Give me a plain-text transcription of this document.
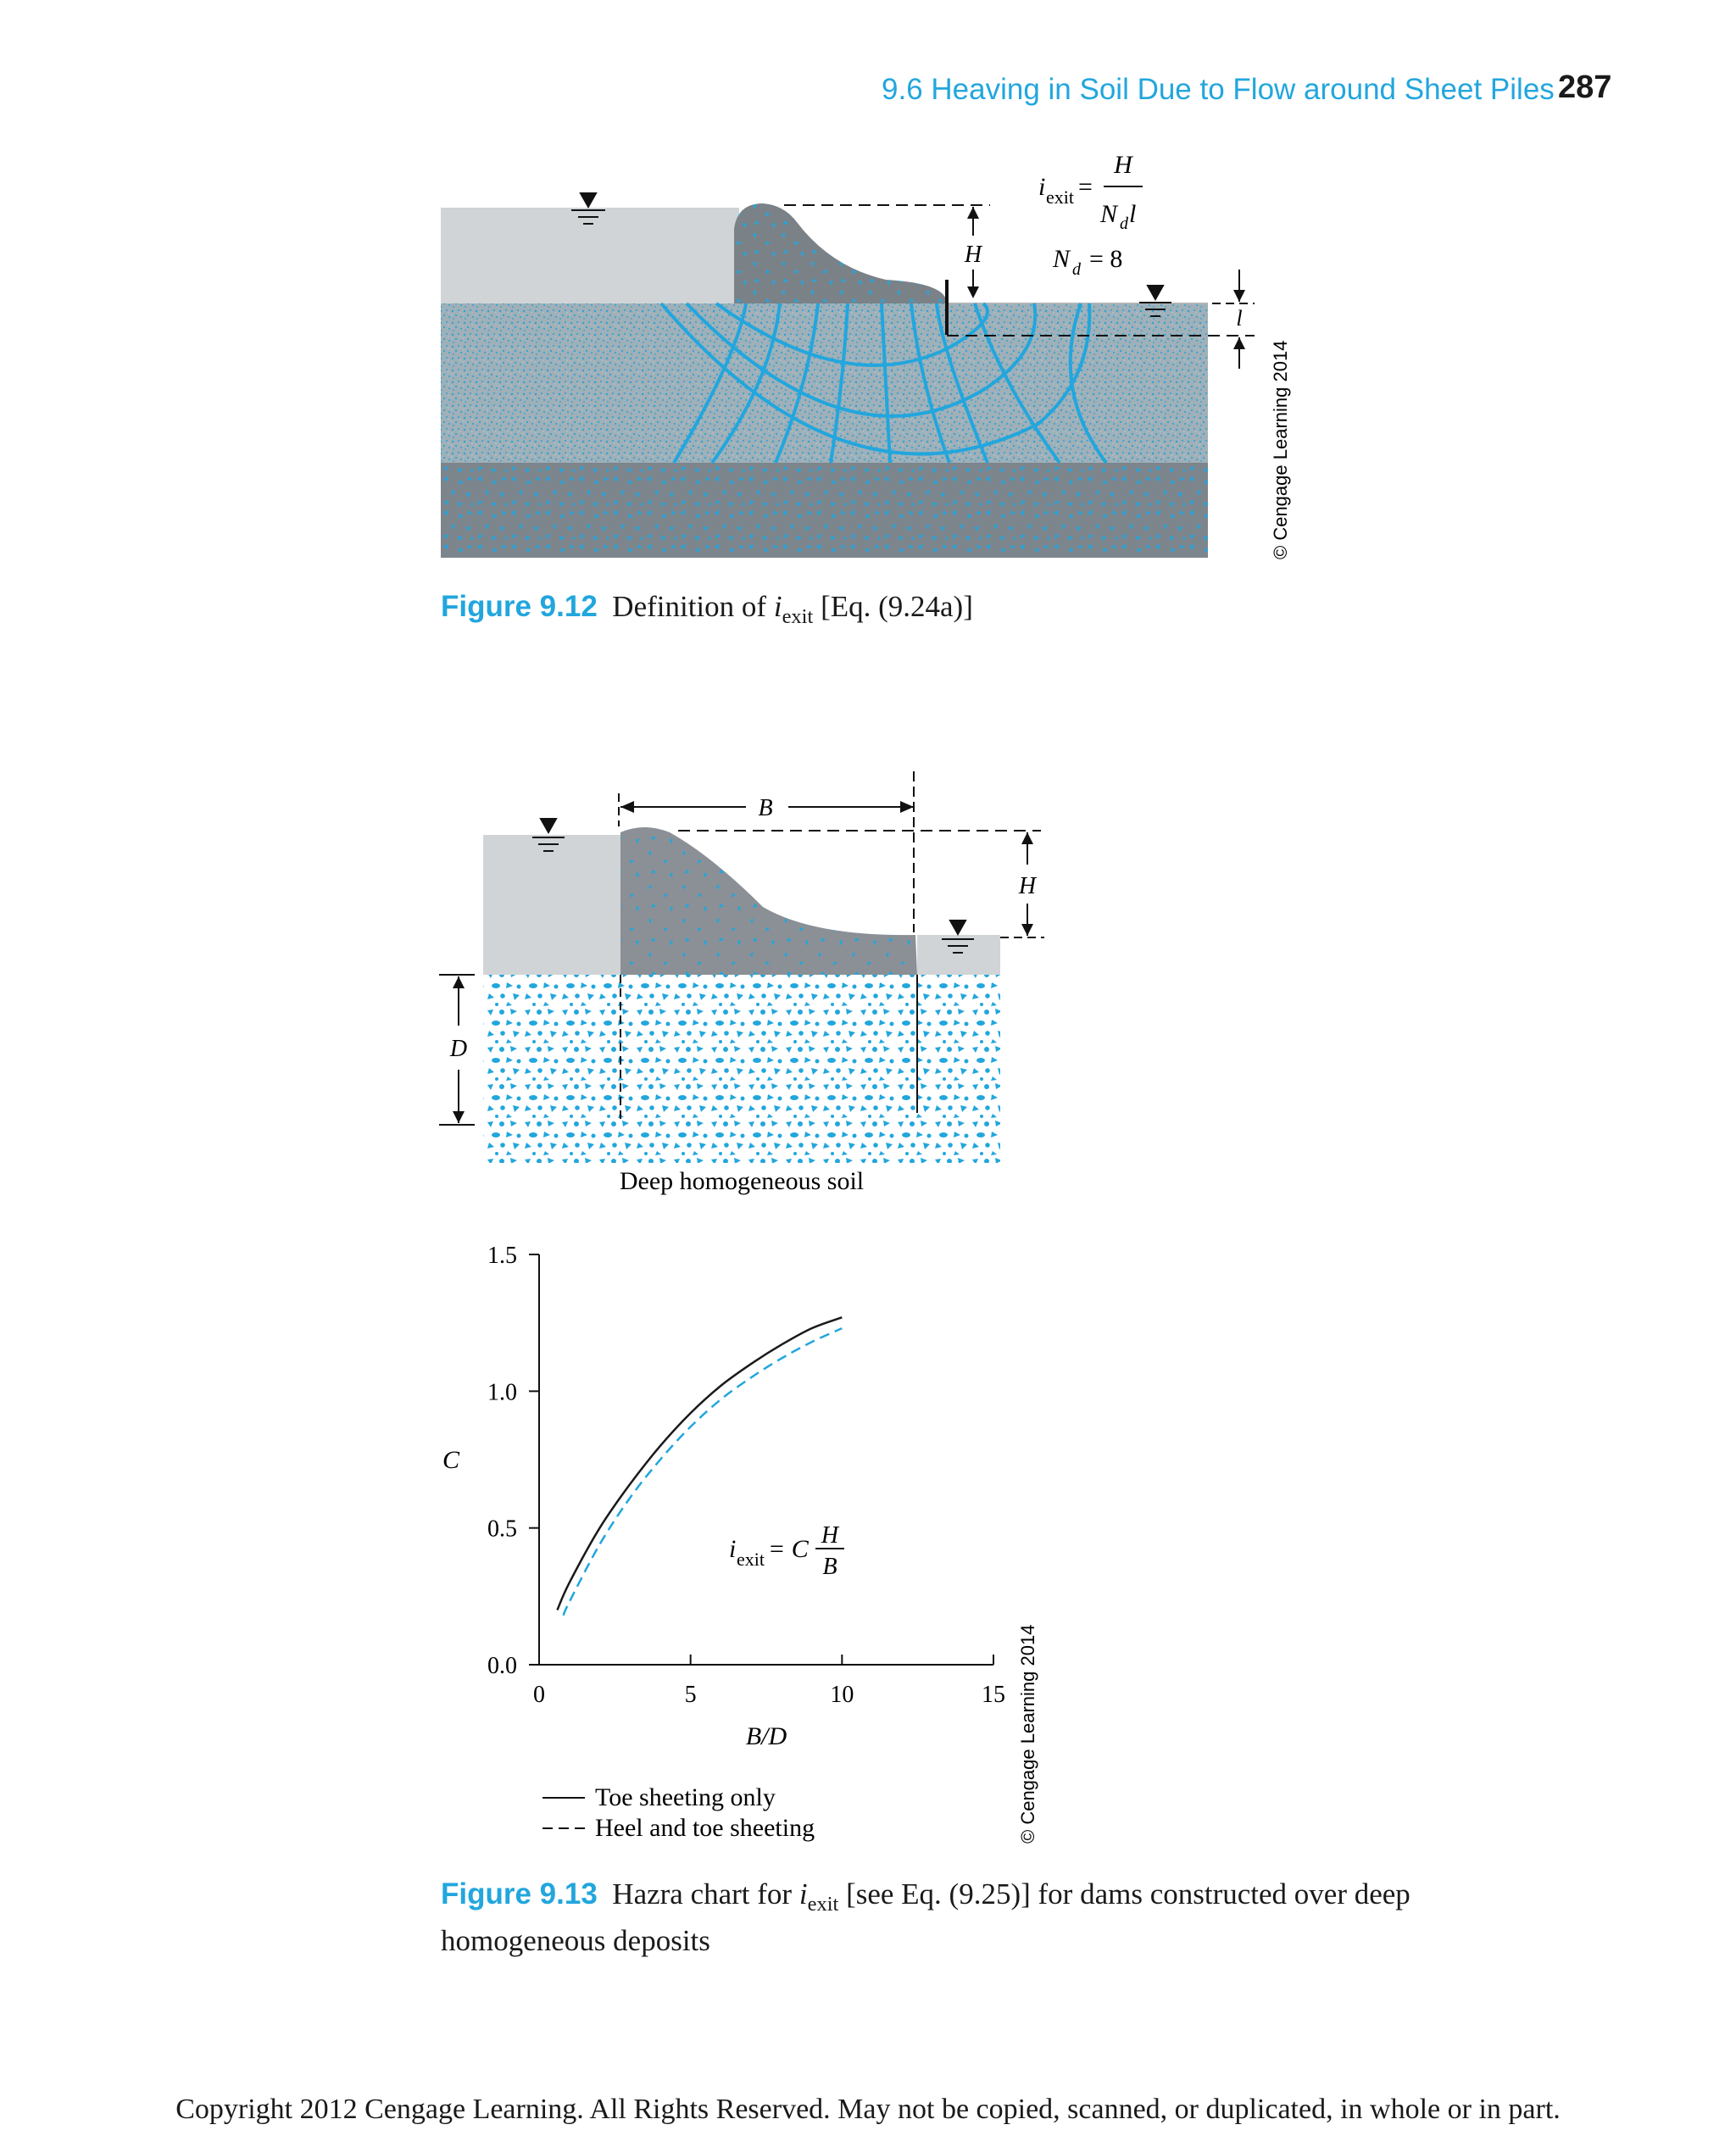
9.6 Heaving in Soil Due to Flow around Sheet Piles 287
H
l
i exit =
H
N d l
N d = 8
© Cengage Learning 2014
Figure 9.12 Definition of $i_{exit}$ [Eq. (9.24a)]
B
H
D
Deep homogeneous soil
0.0
0.5
1.0
1.5
0	5	10	15
B/D
C
Toe sheeting only
Heel and toe sheeting
i exit = C H
B
© Cengage Learning 2014
Figure 9.13 Hazra chart for $i_{exit}$ [see Eq. (9.25)] for dams constructed over deep homogeneous deposits
Copyright 2012 Cengage Learning. All Rights Reserved. May not be copied, scanned, or duplicated, in whole or in part.
